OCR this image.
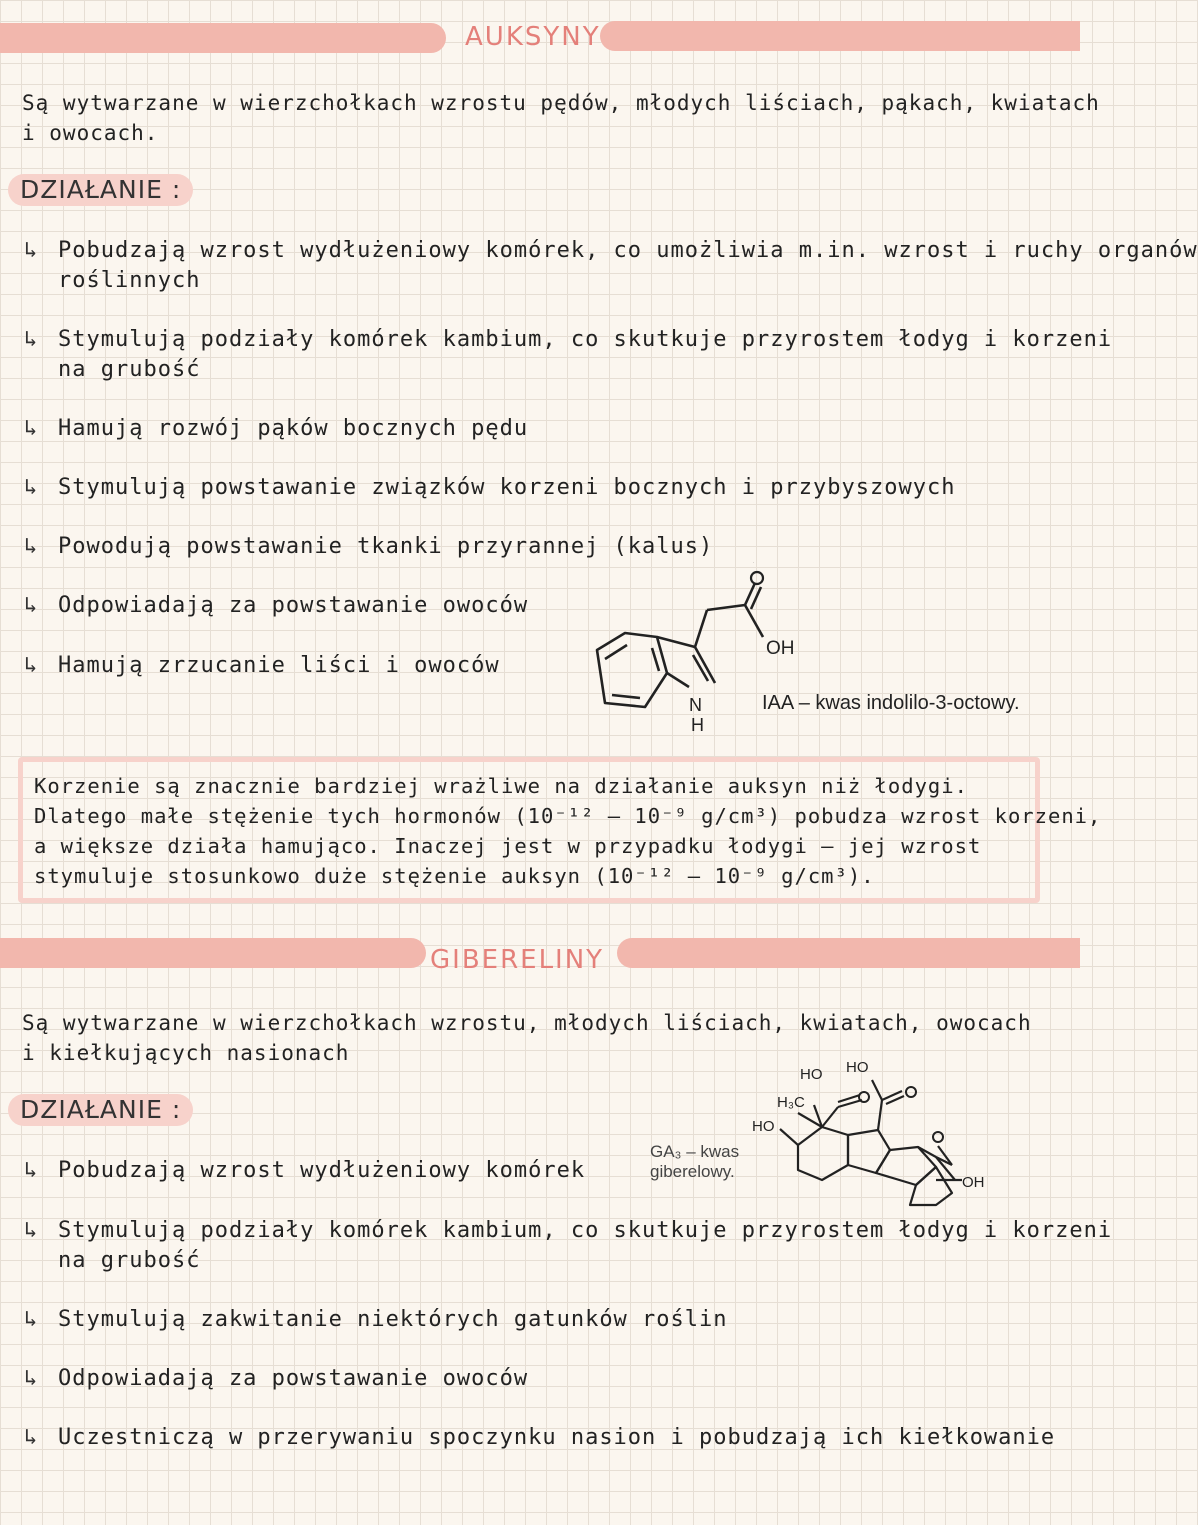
AUKSYNY
Są wytwarzane w wierzchołkach wzrostu pędów, młodych liściach, pąkach, kwiatach
i owocach.
DZIAŁANIE :
↳ Pobudzają wzrost wydłużeniowy komórek, co umożliwia m.in. wzrost i ruchy organów
roślinnych
↳ Stymulują podziały komórek kambium, co skutkuje przyrostem łodyg i korzeni
na grubość
↳ Hamują rozwój pąków bocznych pędu
↳ Stymulują powstawanie związków korzeni bocznych i przybyszowych
↳ Powodują powstawanie tkanki przyrannej (kalus)
↳ Odpowiadają za powstawanie owoców
↳ Hamują zrzucanie liści i owoców
OH
N
H
O
IAA – kwas indolilo-3-octowy.
Korzenie są znacznie bardziej wrażliwe na działanie auksyn niż łodygi.
Dlatego małe stężenie tych hormonów (10⁻¹² – 10⁻⁹ g/cm³) pobudza wzrost korzeni,
a większe działa hamująco. Inaczej jest w przypadku łodygi – jej wzrost
stymuluje stosunkowo duże stężenie auksyn (10⁻¹² – 10⁻⁹ g/cm³).
GIBERELINY
Są wytwarzane w wierzchołkach wzrostu, młodych liściach, kwiatach, owocach
i kiełkujących nasionach
DZIAŁANIE :
GA₃ – kwas
giberelowy.
HO HO
H₃C
HO
OH
↳ Pobudzają wzrost wydłużeniowy komórek
↳ Stymulują podziały komórek kambium, co skutkuje przyrostem łodyg i korzeni
na grubość
↳ Stymulują zakwitanie niektórych gatunków roślin
↳ Odpowiadają za powstawanie owoców
↳ Uczestniczą w przerywaniu spoczynku nasion i pobudzają ich kiełkowanie
